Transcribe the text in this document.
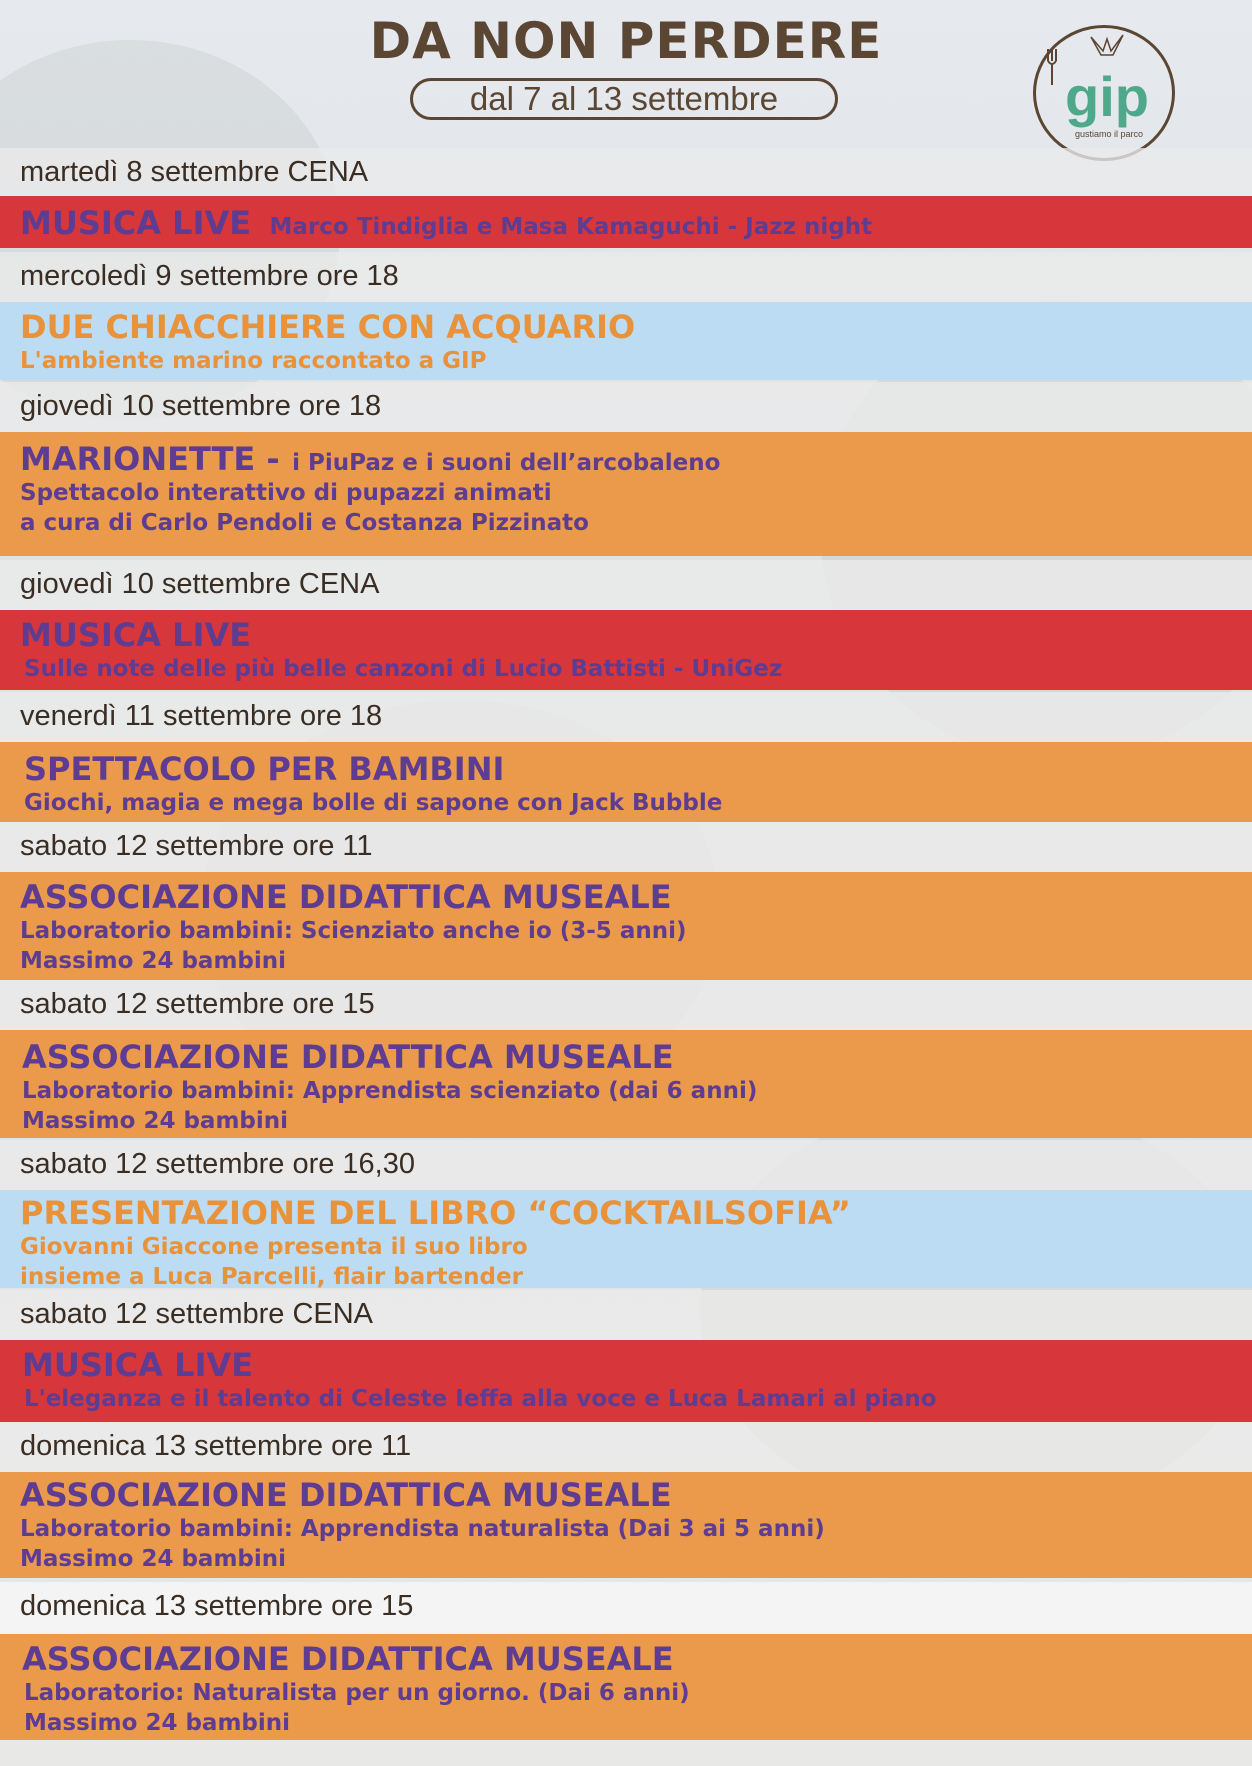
DA NON PERDERE
dal 7 al 13 settembre	gip
gustiamo il parco
martedì 8 settembre CENA
MUSICA LIVE Marco Tindiglia e Masa Kamaguchi - Jazz night
mercoledì 9 settembre ore 18
DUE CHIACCHIERE CON ACQUARIO
L'ambiente marino raccontato a GIP
giovedì 10 settembre ore 18
MARIONETTE - i PiuPaz e i suoni dell’arcobaleno
Spettacolo interattivo di pupazzi animati
a cura di Carlo Pendoli e Costanza Pizzinato
giovedì 10 settembre CENA
MUSICA LIVE
Sulle note delle più belle canzoni di Lucio Battisti - UniGez
venerdì 11 settembre ore 18
SPETTACOLO PER BAMBINI
Giochi, magia e mega bolle di sapone con Jack Bubble
sabato 12 settembre ore 11
ASSOCIAZIONE DIDATTICA MUSEALE
Laboratorio bambini: Scienziato anche io (3-5 anni)
Massimo 24 bambini
sabato 12 settembre ore 15
ASSOCIAZIONE DIDATTICA MUSEALE
Laboratorio bambini: Apprendista scienziato (dai 6 anni)
Massimo 24 bambini
sabato 12 settembre ore 16,30
PRESENTAZIONE DEL LIBRO “COCKTAILSOFIA”
Giovanni Giaccone presenta il suo libro
insieme a Luca Parcelli, flair bartender
sabato 12 settembre CENA
MUSICA LIVE
L'eleganza e il talento di Celeste Ieffa alla voce e Luca Lamari al piano
domenica 13 settembre ore 11
ASSOCIAZIONE DIDATTICA MUSEALE
Laboratorio bambini: Apprendista naturalista (Dai 3 ai 5 anni)
Massimo 24 bambini
domenica 13 settembre ore 15
ASSOCIAZIONE DIDATTICA MUSEALE
Laboratorio: Naturalista per un giorno. (Dai 6 anni)
Massimo 24 bambini
